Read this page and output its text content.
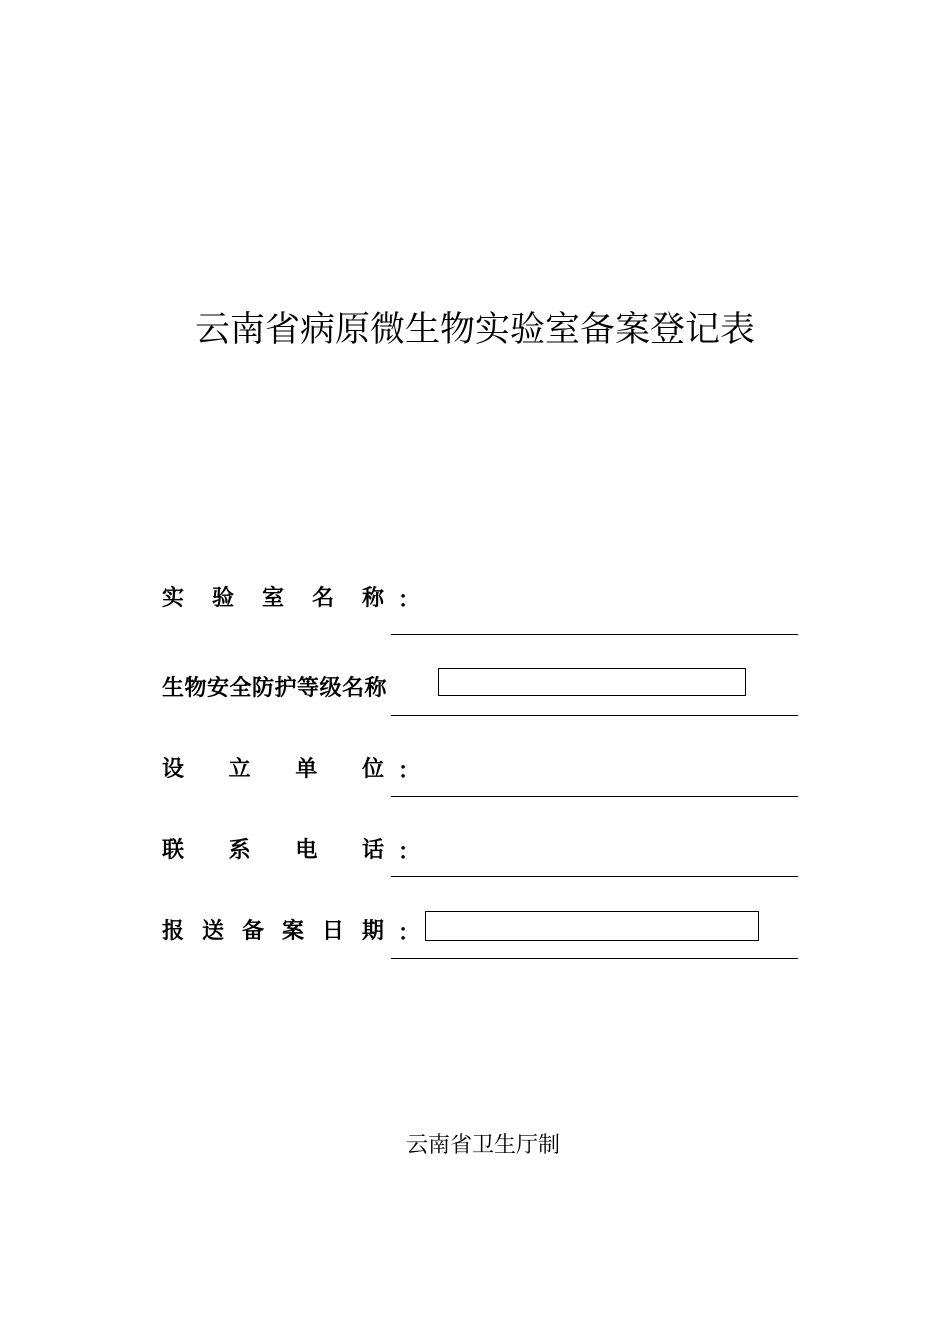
云南省病原微生物实验室备案登记表
实 验 室 名 称 ：
生物安全防护等级名称
设 立 单 位 ：
联 系 电 话 ：
报 送 备 案 日 期 ：
云南省卫生厅制
